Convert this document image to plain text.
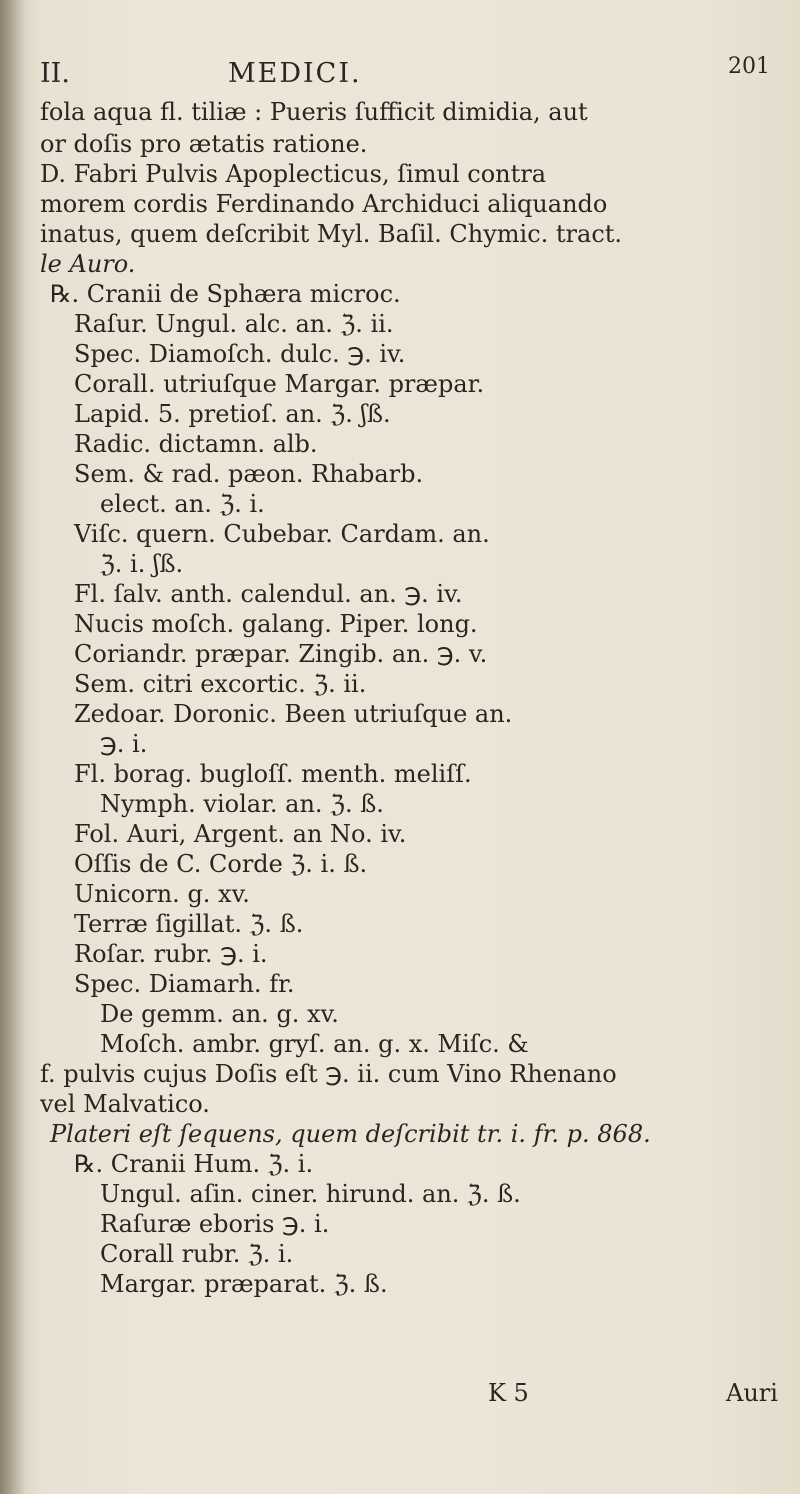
II.	MEDICI.	201
fola aqua fl. tiliæ : Pueris ſufficit dimidia, aut
or doſis pro ætatis ratione.
D. Fabri Pulvis Apoplecticus, ſimul contra
morem cordis Ferdinando Archiduci aliquando
inatus, quem deſcribit Myl. Baſil. Chymic. tract.
le Auro.
℞. Cranii de Sphæra microc.
Raſur. Ungul. alc. an. ℨ. ii.
Spec. Diamoſch. dulc. ℈. iv.
Corall. utriuſque Margar. præpar.
Lapid. 5. pretioſ. an. ℨ. ʃß.
Radic. dictamn. alb.
Sem. & rad. pæon. Rhabarb.
elect. an. ℨ. i.
Viſc. quern. Cubebar. Cardam. an.
ℨ. i. ʃß.
Fl. ſalv. anth. calendul. an. ℈. iv.
Nucis moſch. galang. Piper. long.
Coriandr. præpar. Zingib. an. ℈. v.
Sem. citri excortic. ℨ. ii.
Zedoar. Doronic. Been utriuſque an.
℈. i.
Fl. borag. bugloſſ. menth. meliſſ.
Nymph. violar. an. ℨ. ß.
Fol. Auri, Argent. an No. iv.
Oſſis de C. Corde ℨ. i. ß.
Unicorn. g. xv.
Terræ ſigillat. ℨ. ß.
Roſar. rubr. ℈. i.
Spec. Diamarh. fr.
De gemm. an. g. xv.
Moſch. ambr. gryſ. an. g. x. Miſc. &
f. pulvis cujus Doſis eſt ℈. ii. cum Vino Rhenano
vel Malvatico.
Plateri eſt ſequens, quem deſcribit tr. i. fr. p. 868.
℞. Cranii Hum. ℨ. i.
Ungul. aſin. ciner. hirund. an. ℨ. ß.
Raſuræ eboris ℈. i.
Corall rubr. ℨ. i.
Margar. præparat. ℨ. ß.
K 5	Auri
